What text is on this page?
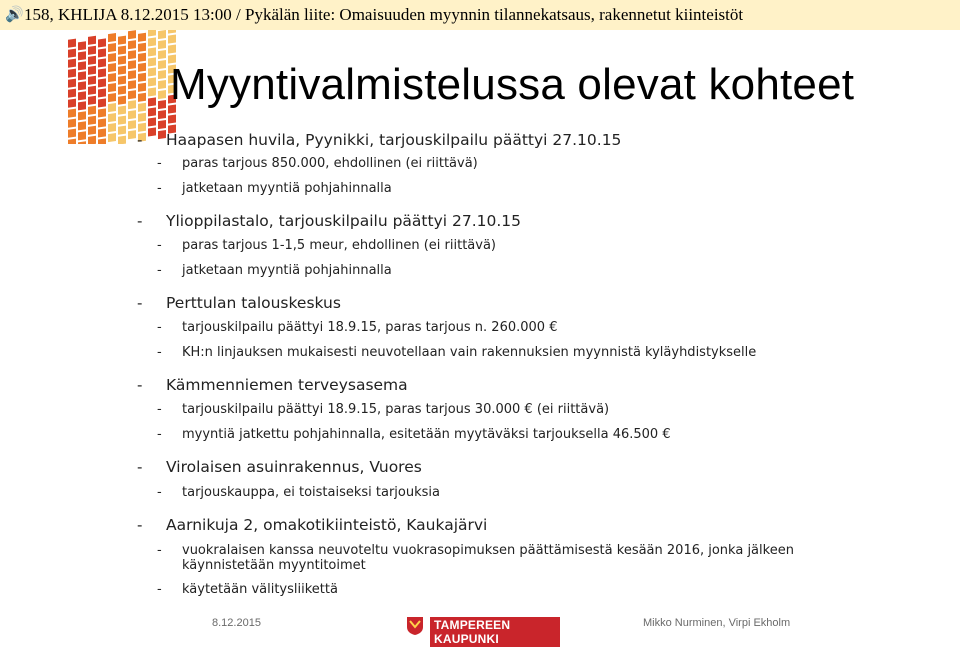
🔊 158, KHLIJA 8.12.2015 13:00 / Pykälän liite: Omaisuuden myynnin tilannekatsaus, rakennetut kiinteistöt
Myyntivalmistelussa olevat kohteet
- Haapasen huvila, Pyynikki, tarjouskilpailu päättyi 27.10.15
- paras tarjous 850.000, ehdollinen (ei riittävä)
- jatketaan myyntiä pohjahinnalla
- Ylioppilastalo, tarjouskilpailu päättyi 27.10.15
- paras tarjous 1-1,5 meur, ehdollinen (ei riittävä)
- jatketaan myyntiä pohjahinnalla
- Perttulan talouskeskus
- tarjouskilpailu päättyi 18.9.15, paras tarjous n. 260.000 €
- KH:n linjauksen mukaisesti neuvotellaan vain rakennuksien myynnistä kyläyhdistykselle
- Kämmenniemen terveysasema
- tarjouskilpailu päättyi 18.9.15, paras tarjous 30.000 € (ei riittävä)
- myyntiä jatkettu pohjahinnalla, esitetään myytäväksi tarjouksella 46.500 €
- Virolaisen asuinrakennus, Vuores
- tarjouskauppa, ei toistaiseksi tarjouksia
- Aarnikuja 2, omakotikiinteistö, Kaukajärvi
- vuokralaisen kanssa neuvoteltu vuokrasopimuksen päättämisestä kesään 2016, jonka jälkeen käynnistetään myyntitoimet
- käytetään välitysliikettä
8.12.2015	TAMPEREEN KAUPUNKI
Mikko Nurminen, Virpi Ekholm
